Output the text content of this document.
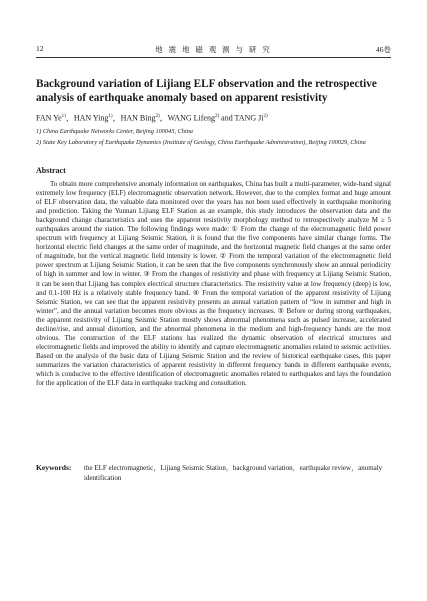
12	地 震 地 磁 观 测 与 研 究	46卷
Background variation of Lijiang ELF observation and the retrospective analysis of earthquake anomaly based on apparent resistivity
FAN Ye$^{1)}$，HAN Ying$^{1)}$，HAN Bing$^{2)}$，WANG Lifeng$^{2)}$ and TANG Ji$^{2)}$
1) China Earthquake Networks Center, Beijing 100045, China
2) State Key Laboratory of Earthquake Dynamics (Institute of Geology, China Earthquake Administration), Beijing 100029, China
Abstract

To obtain more comprehensive anomaly information on earthquakes, China has built a multi-parameter, wide-band signal extremely low frequency (ELF) electromagnetic observation network. However, due to the complex format and huge amount of ELF observation data, the valuable data monitored over the years has not been used effectively in earthquake monitoring and prediction. Taking the Yunnan Lijiang ELF Station as an example, this study introduces the observation data and the background change characteristics and uses the apparent resistivity morphology method to retrospectively analyze M ≥ 5 earthquakes around the station. The following findings were made: ① From the change of the electromagnetic field power spectrum with frequency at Lijiang Seismic Station, it is found that the five components have similar change forms. The horizontal electric field changes at the same order of magnitude, and the horizontal magnetic field changes at the same order of magnitude, but the vertical magnetic field intensity is lower. ② From the temporal variation of the electromagnetic field power spectrum at Lijiang Seismic Station, it can be seen that the five components synchronously show an annual periodicity of high in summer and low in winter. ③ From the changes of resistivity and phase with frequency at Lijiang Seismic Station, it can be seen that Lijiang has complex electrical structure characteristics. The resistivity value at low frequency (deep) is low, and 0.1-100 Hz is a relatively stable frequency band. ④ From the temporal variation of the apparent resistivity of Lijiang Seismic Station, we can see that the apparent resistivity presents an annual variation pattern of “low in summer and high in winter”, and the annual variation becomes more obvious as the frequency increases. ⑤ Before or during strong earthquakes, the apparent resistivity of Lijiang Seismic Station mostly shows abnormal phenomena such as pulsed increase, accelerated decline/rise, and annual distortion, and the abnormal phenomena in the medium and high-frequency bands are the most obvious. The construction of the ELF stations has realized the dynamic observation of electrical structures and electromagnetic fields and improved the ability to identify and capture electromagnetic anomalies related to seismic activities. Based on the analysis of the basic data of Lijiang Seismic Station and the review of historical earthquake cases, this paper summarizes the variation characteristics of apparent resistivity in different frequency bands in different earthquake events, which is conducive to the effective identification of electromagnetic anomalies related to earthquakes and lays the foundation for the application of the ELF data in earthquake tracking and consultation.

Keywords:	the ELF electromagnetic，Lijiang Seismic Station，background variation，earthquake review，anomaly identification
